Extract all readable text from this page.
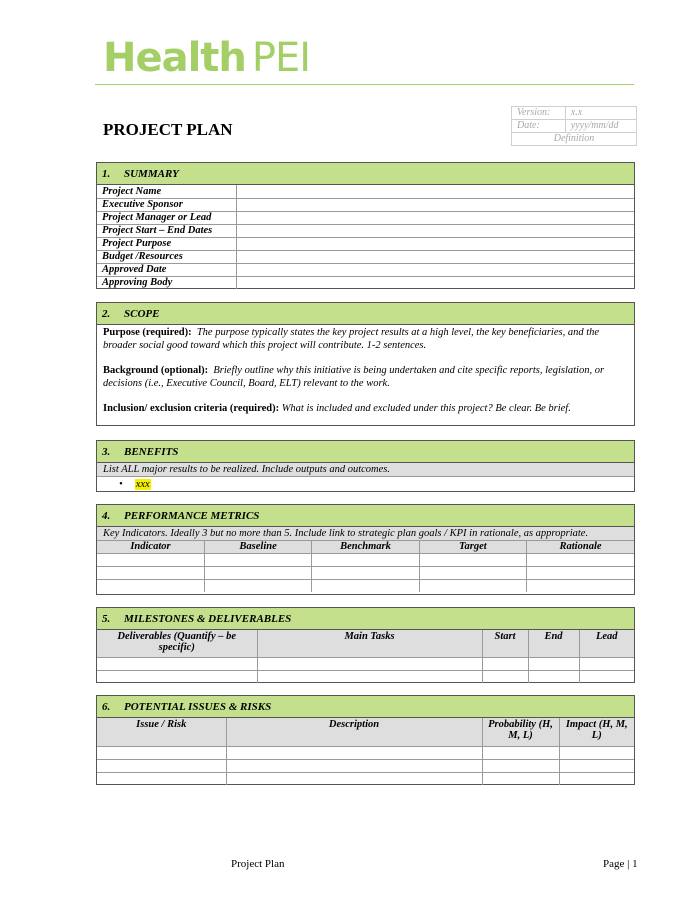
Health PEI
PROJECT PLAN
Version:	x.x
Date:	yyyy/mm/dd
Definition	
1.	SUMMARY
Project Name	
Executive Sponsor	
Project Manager or Lead	
Project Start – End Dates	
Project Purpose	
Budget /Resources	
Approved Date	
Approving Body	
2.	SCOPE
Purpose (required): The purpose typically states the key project results at a high level, the key beneficiaries, and the broader social good toward which this project will contribute. 1-2 sentences.
Background (optional): Briefly outline why this initiative is being undertaken and cite specific reports, legislation, or decisions (i.e., Executive Council, Board, ELT) relevant to the work.
Inclusion/ exclusion criteria (required): What is included and excluded under this project? Be clear. Be brief.
3.	BENEFITS
List ALL major results to be realized. Include outputs and outcomes.
• xxx
4.	PERFORMANCE METRICS
Key Indicators. Ideally 3 but no more than 5. Include link to strategic plan goals / KPI in rationale, as appropriate.
Indicator	Baseline	Benchmark	Target	Rationale

5.	MILESTONES & DELIVERABLES
Deliverables (Quantify – be specific)	Main Tasks	Start	End	Lead

6.	POTENTIAL ISSUES & RISKS
Issue / Risk	Description	Probability (H, M, L)	Impact (H, M, L)

Project Plan	Page | 1
